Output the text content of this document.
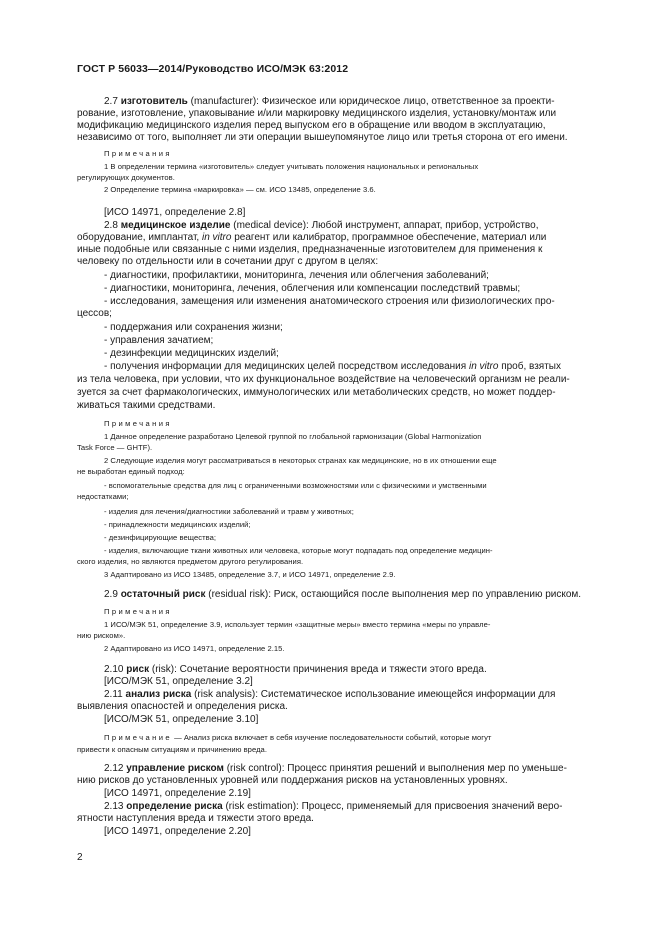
ГОСТ Р 56033—2014/Руководство ИСО/МЭК 63:2012
2.7 изготовитель (manufacturer): Физическое или юридическое лицо, ответственное за проекти-
рование, изготовление, упаковывание и/или маркировку медицинского изделия, установку/монтаж или
модификацию медицинского изделия перед выпуском его в обращение или вводом в эксплуатацию,
независимо от того, выполняет ли эти операции вышеупомянутое лицо или третья сторона от его имени.
Примечания
1 В определении термина «изготовитель» следует учитывать положения национальных и региональных
регулирующих документов.
2 Определение термина «маркировка» — см. ИСО 13485, определение 3.6.
[ИСО 14971, определение 2.8]
2.8 медицинское изделие (medical device): Любой инструмент, аппарат, прибор, устройство,
оборудование, имплантат, in vitro реагент или калибратор, программное обеспечение, материал или
иные подобные или связанные с ними изделия, предназначенные изготовителем для применения к
человеку по отдельности или в сочетании друг с другом в целях:
- диагностики, профилактики, мониторинга, лечения или облегчения заболеваний;
- диагностики, мониторинга, лечения, облегчения или компенсации последствий травмы;
- исследования, замещения или изменения анатомического строения или физиологических про-
цессов;
- поддержания или сохранения жизни;
- управления зачатием;
- дезинфекции медицинских изделий;
- получения информации для медицинских целей посредством исследования in vitro проб, взятых
из тела человека, при условии, что их функциональное воздействие на человеческий организм не реали-
зуется за счет фармакологических, иммунологических или метаболических средств, но может поддер-
живаться такими средствами.
Примечания
1 Данное определение разработано Целевой группой по глобальной гармонизации (Global Harmonization
Task Force — GHTF).
2 Следующие изделия могут рассматриваться в некоторых странах как медицинские, но в их отношении еще
не выработан единый подход:
- вспомогательные средства для лиц с ограниченными возможностями или с физическими и умственными
недостатками;
- изделия для лечения/диагностики заболеваний и травм у животных;
- принадлежности медицинских изделий;
- дезинфицирующие вещества;
- изделия, включающие ткани животных или человека, которые могут подпадать под определение медицин-
ского изделия, но являются предметом другого регулирования.
3 Адаптировано из ИСО 13485, определение 3.7, и ИСО 14971, определение 2.9.
2.9 остаточный риск (residual risk): Риск, остающийся после выполнения мер по управлению риском.
Примечания
1 ИСО/МЭК 51, определение 3.9, использует термин «защитные меры» вместо термина «меры по управле-
нию риском».
2 Адаптировано из ИСО 14971, определение 2.15.
2.10 риск (risk): Сочетание вероятности причинения вреда и тяжести этого вреда.
[ИСО/МЭК 51, определение 3.2]
2.11 анализ риска (risk analysis): Систематическое использование имеющейся информации для
выявления опасностей и определения риска.
[ИСО/МЭК 51, определение 3.10]
Примечание — Анализ риска включает в себя изучение последовательности событий, которые могут
привести к опасным ситуациям и причинению вреда.
2.12 управление риском (risk control): Процесс принятия решений и выполнения мер по уменьше-
нию рисков до установленных уровней или поддержания рисков на установленных уровнях.
[ИСО 14971, определение 2.19]
2.13 определение риска (risk estimation): Процесс, применяемый для присвоения значений веро-
ятности наступления вреда и тяжести этого вреда.
[ИСО 14971, определение 2.20]
2
